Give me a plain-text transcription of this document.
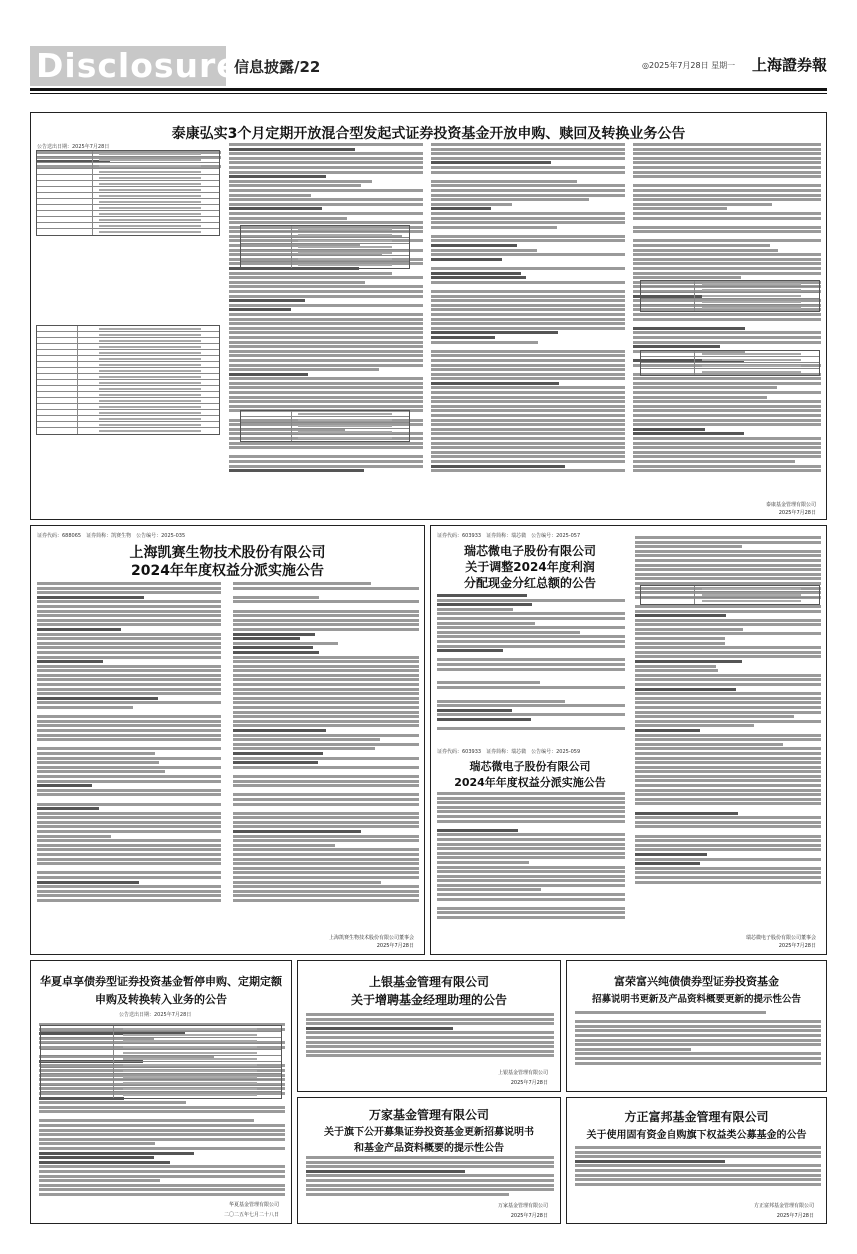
Disclosure
信息披露/22	◎2025年7月28日 星期一 上海證券報
泰康弘实3个月定期开放混合型发起式证券投资基金开放申购、赎回及转换业务公告
公告送出日期：2025年7月28日
泰康基金管理有限公司
2025年7月28日
证券代码：688065　证券简称：凯赛生物　公告编号：2025-035
上海凯赛生物技术股份有限公司
2024年年度权益分派实施公告
上海凯赛生物技术股份有限公司董事会
2025年7月28日
证券代码：603933　证券简称：瑞芯微　公告编号：2025-057
瑞芯微电子股份有限公司
关于调整2024年度利润
分配现金分红总额的公告
证券代码：603933　证券简称：瑞芯微　公告编号：2025-059
瑞芯微电子股份有限公司
2024年年度权益分派实施公告
瑞芯微电子股份有限公司董事会
2025年7月28日
华夏卓享债券型证券投资基金暂停申购、定期定额
申购及转换转入业务的公告
公告送出日期：2025年7月28日
华夏基金管理有限公司
二〇二五年七月二十八日
上银基金管理有限公司
关于增聘基金经理助理的公告
上银基金管理有限公司
2025年7月28日
富荣富兴纯债债券型证券投资基金
招募说明书更新及产品资料概要更新的提示性公告
万家基金管理有限公司
关于旗下公开募集证券投资基金更新招募说明书
和基金产品资料概要的提示性公告
万家基金管理有限公司
2025年7月28日
方正富邦基金管理有限公司
关于使用固有资金自购旗下权益类公募基金的公告
方正富邦基金管理有限公司
2025年7月28日
